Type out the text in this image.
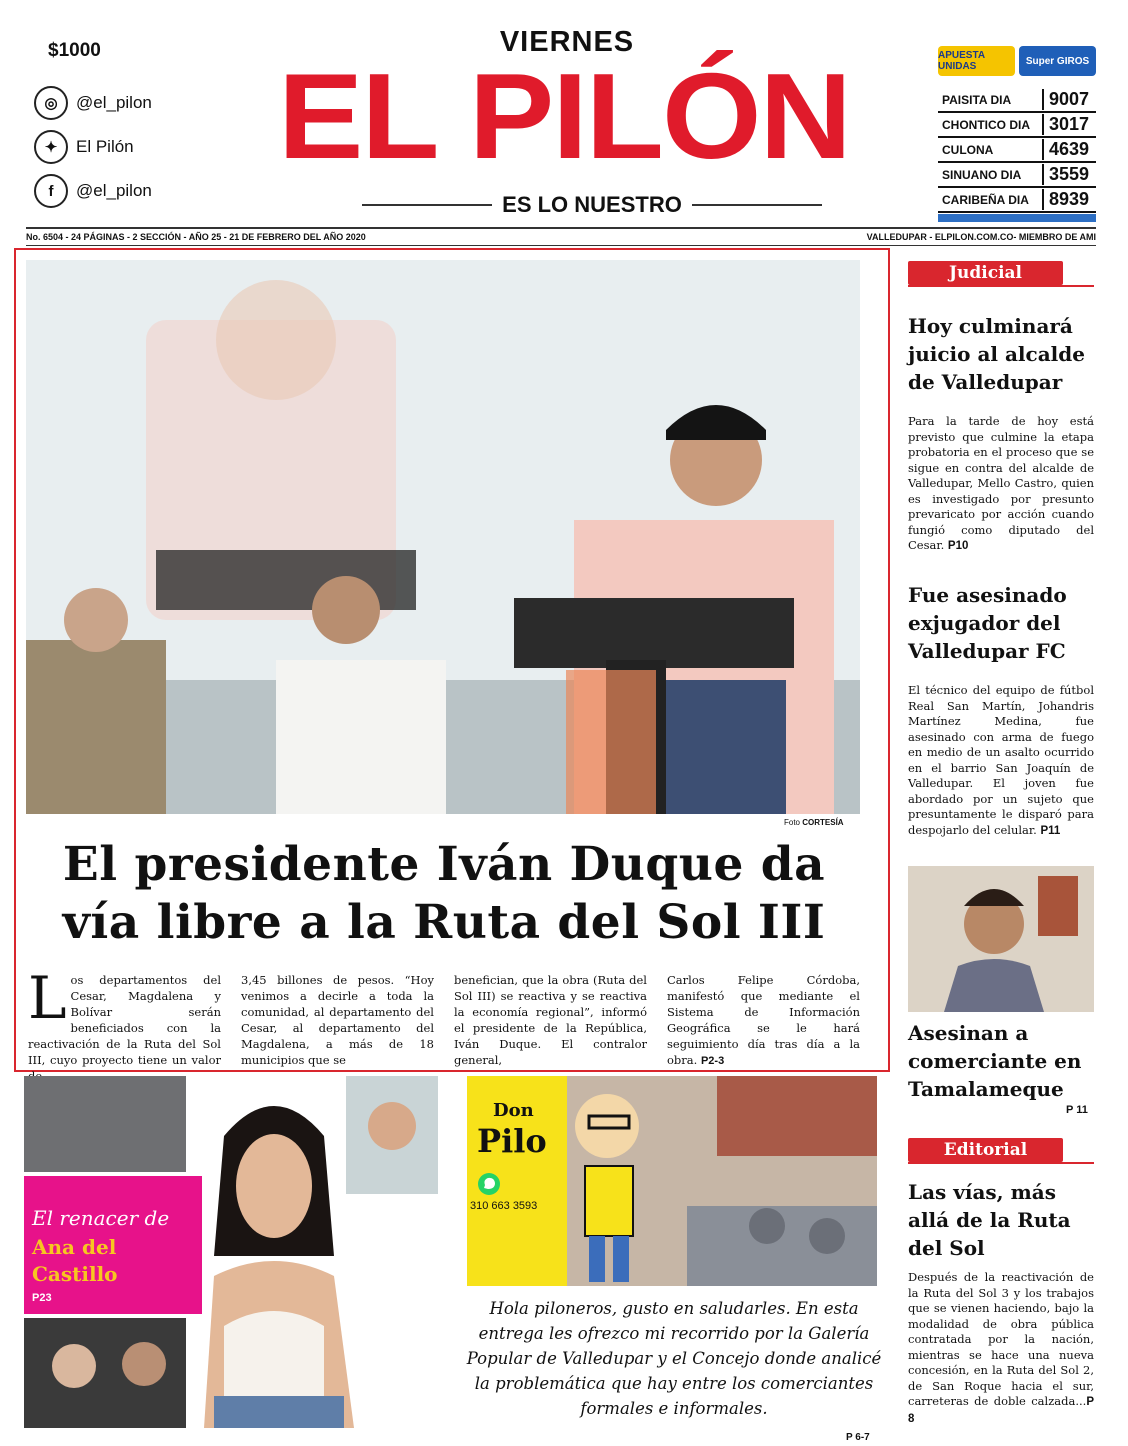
$1000
◎	@el_pilon
✦	El Pilón
f	@el_pilon
VIERNES
EL PILÓN
ES LO NUESTRO
APUESTA UNIDAS	Super GIROS
PAISITA DIA	9007
CHONTICO DIA	3017
CULONA	4639
SINUANO DIA	3559
CARIBEÑA DIA	8939
No. 6504 - 24 PÁGINAS - 2 SECCIÓN - AÑO 25 - 21 DE FEBRERO DEL AÑO 2020	VALLEDUPAR - ELPILON.COM.CO- MIEMBRO DE AMI
Foto CORTESÍA
El presidente Iván Duque da
vía libre a la Ruta del Sol III

Los departamentos del Cesar, Magdalena y Bolívar serán beneficiados con la reactivación de la Ruta del Sol III, cuyo proyecto tiene un valor

3,45 billones de pesos. “Hoy venimos a decirle a toda la comunidad, al departamento del Cesar, al departamento del Magdalena, a más de 18 municipios que se

benefician, que la obra (Ruta del Sol III) se reactiva y se reactiva la economía regional”, informó el presidente de la República, Iván Duque. El contralor general,

Carlos Felipe Córdoba, manifestó que mediante el Sistema de Información Geográfica se le hará seguimiento día tras día a la obra. P2-3

Judicial
Hoy culminará juicio al alcalde de Valledupar
Para la tarde de hoy está previsto que culmine la etapa probatoria en el proceso que se sigue en contra del alcalde de Valledupar, Mello Castro, quien es investigado por presunto prevaricato por acción cuando fungió como diputado del Cesar. P10
Fue asesinado exjugador del Valledupar FC
El técnico del equipo de fútbol Real San Martín, Johandris Martínez Medina, fue asesinado con arma de fuego en medio de un asalto ocurrido en el barrio San Joaquín de Valledupar. El joven fue abordado por un sujeto que presuntamente le disparó para despojarlo del celular. P11
Asesinan a comerciante en Tamalameque
P 11
Editorial
Las vías, más allá de la Ruta del Sol
Después de la reactivación de la Ruta del Sol 3 y los trabajos que se vienen haciendo, bajo la modalidad de obra pública contratada por la nación, mientras se hace una nueva concesión, en la Ruta del Sol 2, de San Roque hacia el sur, carreteras de doble calzada...P 8
El renacer de
Ana del Castillo
P23
Don
Pilo
310 663 3593
Hola piloneros, gusto en saludarles. En esta entrega les ofrezco mi recorrido por la Galería Popular de Valledupar y el Concejo donde analicé la problemática que hay entre los comerciantes formales e informales.
P 6-7
